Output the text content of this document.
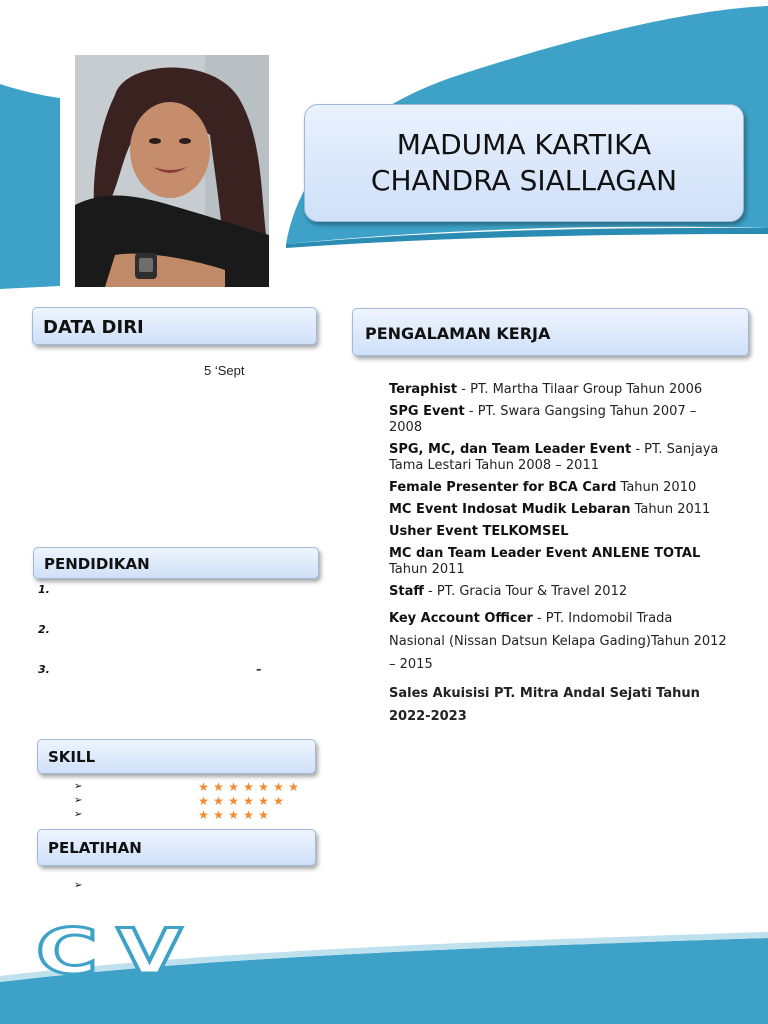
MADUMA KARTIKA CHANDRA SIALLAGAN
DATA DIRI
5 ‘Sept
PENDIDIKAN
1.
2.
3.	–
SKILL
➢	★ ★ ★ ★ ★ ★ ★
➢	★ ★ ★ ★ ★ ★
➢	★ ★ ★ ★ ★
PELATIHAN
➢
PENGALAMAN KERJA
Teraphist - PT. Martha Tilaar Group Tahun 2006
SPG Event - PT. Swara Gangsing Tahun 2007 – 2008
SPG, MC, dan Team Leader Event - PT. Sanjaya Tama Lestari Tahun 2008 – 2011
Female Presenter for BCA Card Tahun 2010
MC Event Indosat Mudik Lebaran Tahun 2011
Usher Event TELKOMSEL
MC dan Team Leader Event ANLENE TOTAL Tahun 2011
Staff - PT. Gracia Tour & Travel 2012
Key Account Officer - PT. Indomobil Trada Nasional (Nissan Datsun Kelapa Gading)Tahun 2012 – 2015
Sales Akuisisi PT. Mitra Andal Sejati Tahun
2022-2023
CV
